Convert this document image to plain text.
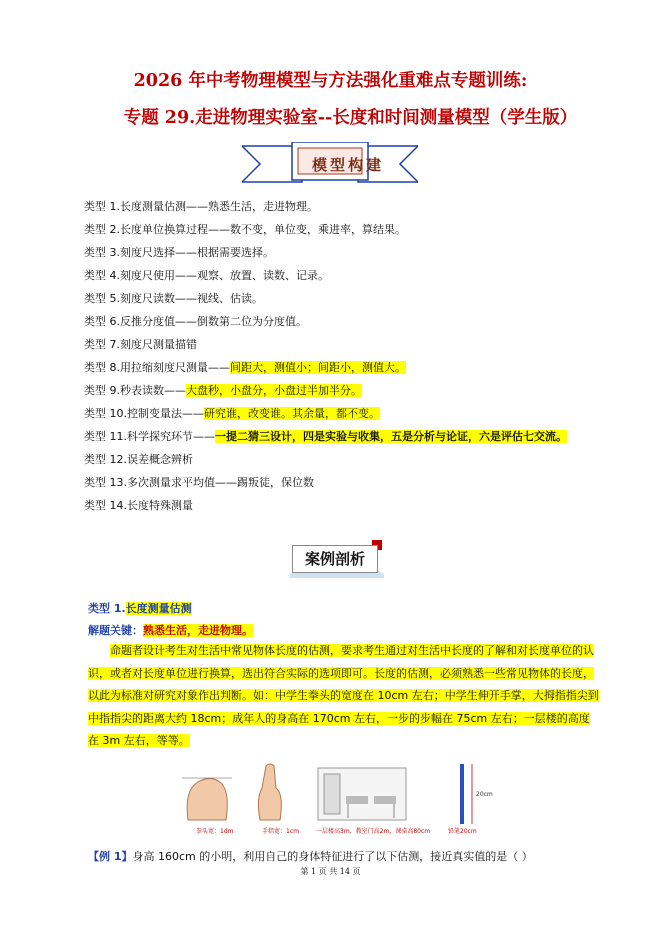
2026 年中考物理模型与方法强化重难点专题训练:
专题 29.走进物理实验室--长度和时间测量模型（学生版）
模型构建
类型 1.长度测量估测——熟悉生活，走进物理。
类型 2.长度单位换算过程——数不变，单位变，乘进率，算结果。
类型 3.刻度尺选择——根据需要选择。
类型 4.刻度尺使用——观察、放置、读数、记录。
类型 5.刻度尺读数——视线、估读。
类型 6.反推分度值——倒数第二位为分度值。
类型 7.刻度尺测量描错
类型 8.用拉缩刻度尺测量——间距大，测值小；间距小，测值大。
类型 9.秒表读数——大盘秒，小盘分，小盘过半加半分。
类型 10.控制变量法——研究谁，改变谁。其余量，都不变。
类型 11.科学探究环节——一提二猜三设计，四是实验与收集，五是分析与论证，六是评估七交流。
类型 12.误差概念辨析
类型 13.多次测量求平均值——踢叛徒，保位数
类型 14.长度特殊测量
案例剖析
类型 1.长度测量估测
解题关键：熟悉生活，走进物理。

命题者设计考生对生活中常见物体长度的估测，要求考生通过对生活中长度的了解和对长度单位的认识，或者对长度单位进行换算，选出符合实际的选项即可。长度的估测，必须熟悉一些常见物体的长度，以此为标准对研究对象作出判断。如：中学生拳头的宽度在 10cm 左右；中学生伸开手掌，大拇指指尖到中指指尖的距离大约 18cm；成年人的身高在 170cm 左右，一步的步幅在 75cm 左右；一层楼的高度在 3m 左右，等等。

20cm
拳头宽：1dm	手指宽：1cm	一层楼高3m，教室门高2m，课桌高80cm	铅笔20cm
【例 1】身高 160cm 的小明，利用自己的身体特征进行了以下估测，接近真实值的是（ ）
第 1 页 共 14 页
